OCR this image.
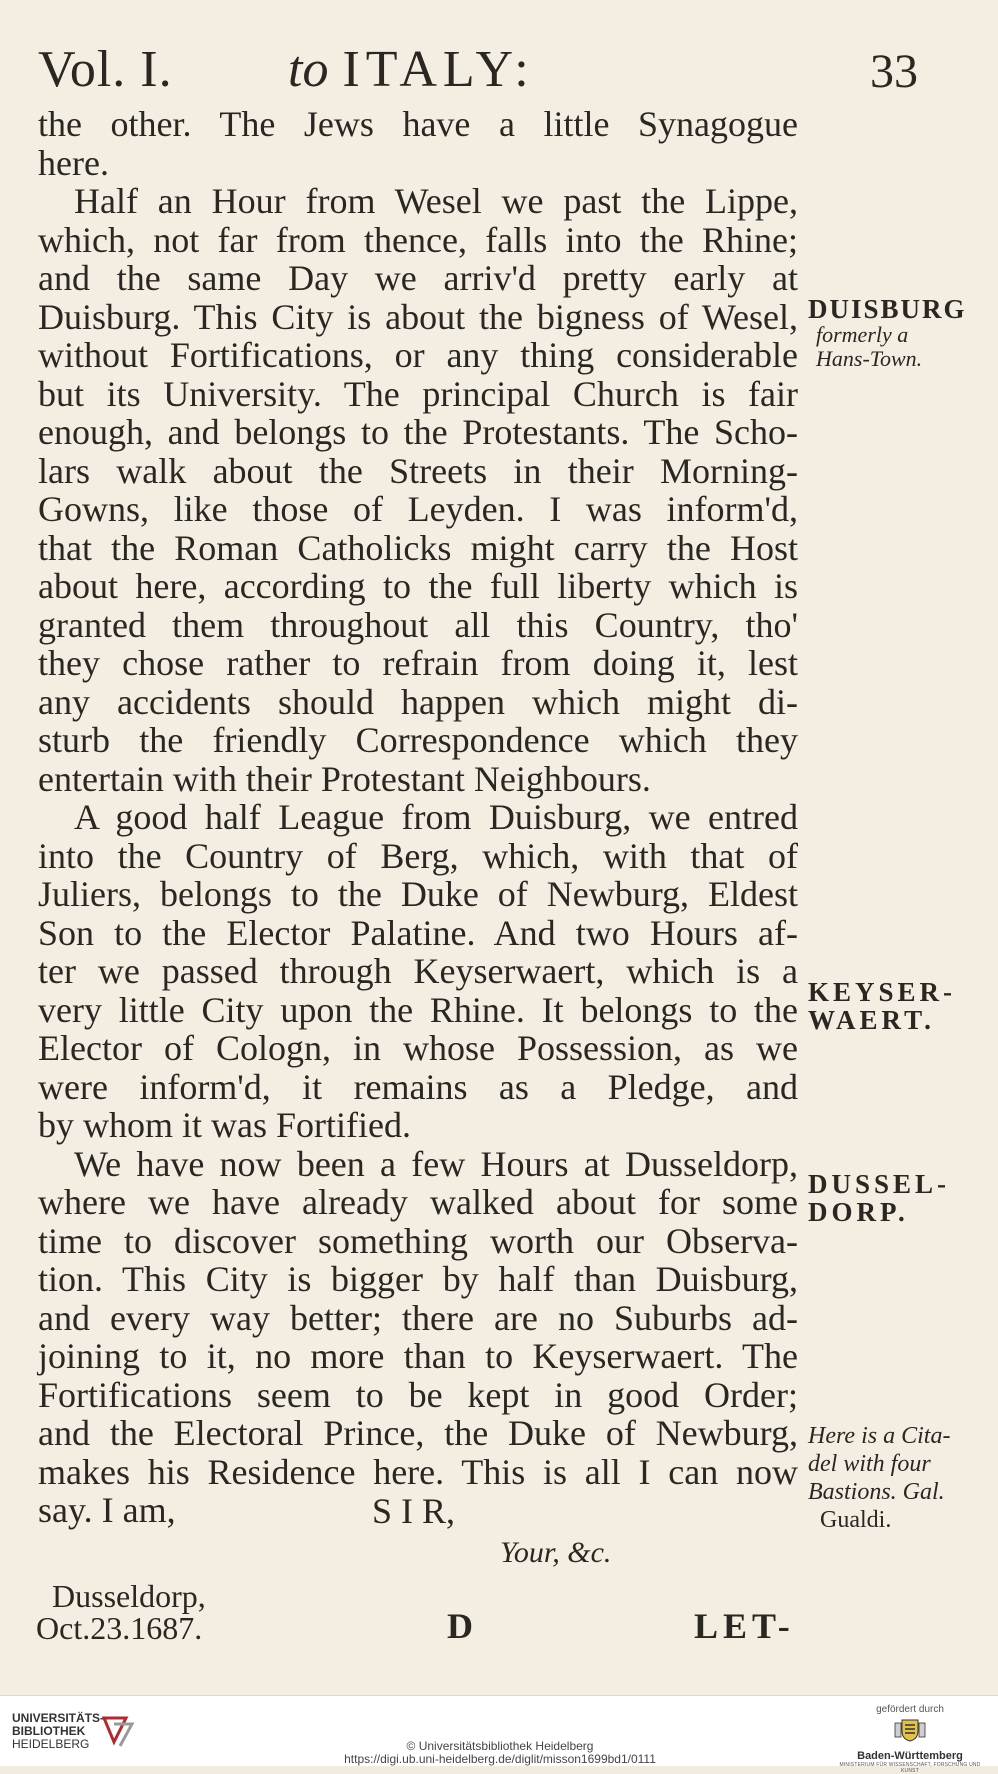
Vol. I. to ITALY:	33

the other. The Jews have a little Synagogue

here.

Half an Hour from Wesel we past the Lippe,

which, not far from thence, falls into the Rhine;

and the same Day we arriv'd pretty early at

Duisburg. This City is about the bigness of Wesel,

without Fortifications, or any thing considerable

but its University. The principal Church is fair

enough, and belongs to the Protestants. The Scho-

lars walk about the Streets in their Morning-

Gowns, like those of Leyden. I was inform'd,

that the Roman Catholicks might carry the Host

about here, according to the full liberty which is

granted them throughout all this Country, tho'

they chose rather to refrain from doing it, lest

any accidents should happen which might di-

sturb the friendly Correspondence which they

entertain with their Protestant Neighbours.

A good half League from Duisburg, we entred

into the Country of Berg, which, with that of

Juliers, belongs to the Duke of Newburg, Eldest

Son to the Elector Palatine. And two Hours af-

ter we passed through Keyserwaert, which is a

very little City upon the Rhine. It belongs to the

Elector of Cologn, in whose Possession, as we

were inform'd, it remains as a Pledge, and

by whom it was Fortified.

We have now been a few Hours at Dusseldorp,

where we have already walked about for some

time to discover something worth our Observa-

tion. This City is bigger by half than Duisburg,

and every way better; there are no Suburbs ad-

joining to it, no more than to Keyserwaert. The

Fortifications seem to be kept in good Order;

and the Electoral Prince, the Duke of Newburg,

makes his Residence here. This is all I can now

say. I am,	S I R,
Your, &c.
Dusseldorp,
Oct.23.1687.	D	LET-
DUISBURG
formerly a
Hans-Town.
KEYSER-
WAERT.
DUSSEL-
DORP.
Here is a Cita-
del with four
Bastions. Gal.
Gualdi.
UNIVERSITÄTS-
BIBLIOTHEK
HEIDELBERG	© Universitätsbibliothek Heidelberg
https://digi.ub.uni-heidelberg.de/diglit/misson1699bd1/0111
gefördert durch
Baden-Württemberg
MINISTERIUM FÜR WISSENSCHAFT, FORSCHUNG UND KUNST
